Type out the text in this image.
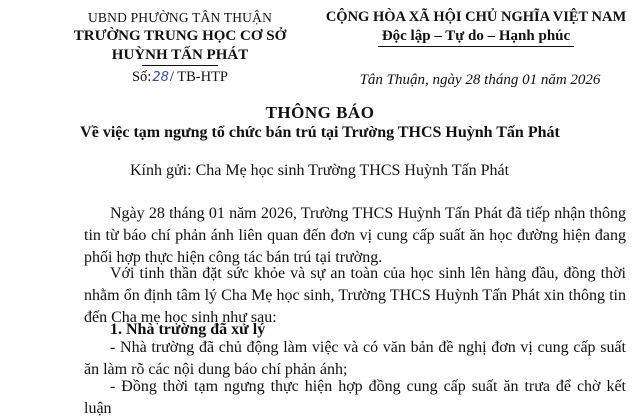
UBND PHƯỜNG TÂN THUẬN
TRƯỜNG TRUNG HỌC CƠ SỞ
HUỲNH TẤN PHÁT
Số:28/ TB-HTP
CỘNG HÒA XÃ HỘI CHỦ NGHĨA VIỆT NAM
Độc lập – Tự do – Hạnh phúc
Tân Thuận, ngày 28 tháng 01 năm 2026
THÔNG BÁO
Về việc tạm ngưng tổ chức bán trú tại Trường THCS Huỳnh Tấn Phát
Kính gửi: Cha Mẹ học sinh Trường THCS Huỳnh Tấn Phát
Ngày 28 tháng 01 năm 2026, Trường THCS Huỳnh Tấn Phát đã tiếp nhận thông tin từ báo chí phản ánh liên quan đến đơn vị cung cấp suất ăn học đường hiện đang phối hợp thực hiện công tác bán trú tại trường.
Với tinh thần đặt sức khỏe và sự an toàn của học sinh lên hàng đầu, đồng thời nhằm ổn định tâm lý Cha Mẹ học sinh, Trường THCS Huỳnh Tấn Phát xin thông tin đến Cha mẹ học sinh như sau:
1. Nhà trường đã xử lý
- Nhà trường đã chủ động làm việc và có văn bản đề nghị đơn vị cung cấp suất ăn làm rõ các nội dung báo chí phản ánh;
- Đồng thời tạm ngưng thực hiện hợp đồng cung cấp suất ăn trưa để chờ kết luận
